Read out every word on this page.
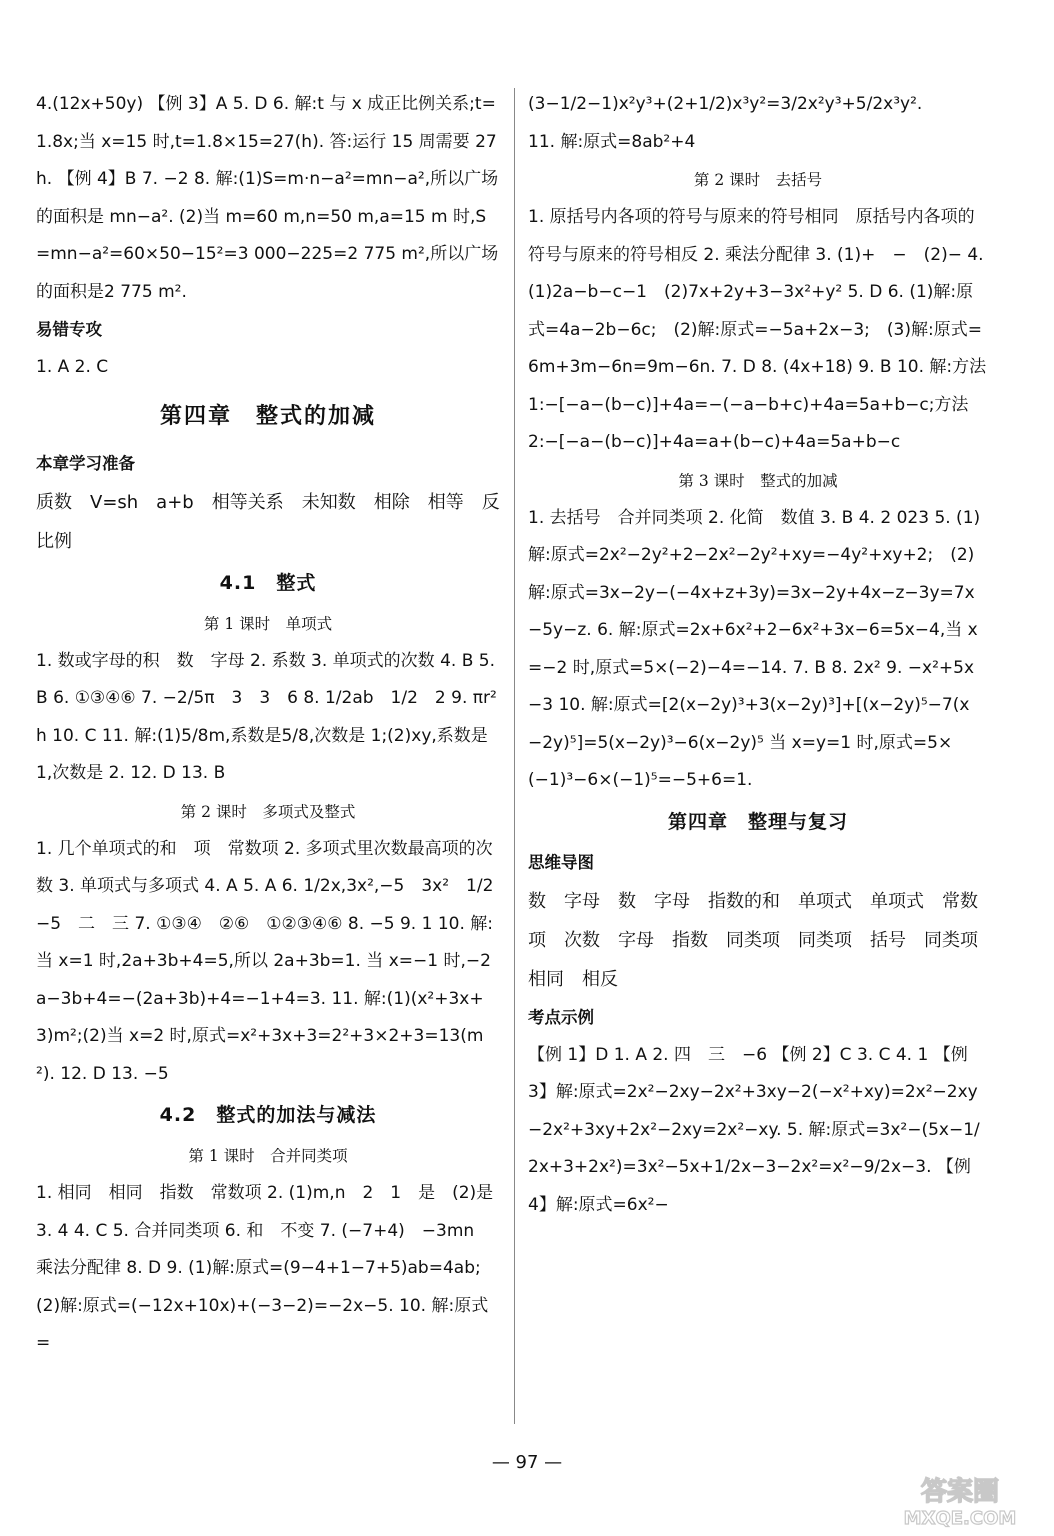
4.(12x+50y) 【例 3】A 5. D 6. 解:t 与 x 成正比例关系;t=1.8x;当 x=15 时,t=1.8×15=27(h). 答:运行 15 周需要 27 h. 【例 4】B 7. −2 8. 解:(1)S=m·n−a²=mn−a²,所以广场的面积是 mn−a². (2)当 m=60 m,n=50 m,a=15 m 时,S=mn−a²=60×50−15²=3 000−225=2 775 m²,所以广场的面积是2 775 m².

易错专攻

1. A 2. C

第四章　整式的加减

本章学习准备

质数　V=sh　a+b　相等关系　未知数　相除　相等　反比例

4.1　整式

第 1 课时　单项式

1. 数或字母的积　数　字母 2. 系数 3. 单项式的次数 4. B 5. B 6. ①③④⑥ 7. −2/5π　3　3　6 8. 1/2ab　1/2　2 9. πr²h 10. C 11. 解:(1)5/8m,系数是5/8,次数是 1;(2)xy,系数是 1,次数是 2. 12. D 13. B

第 2 课时　多项式及整式

1. 几个单项式的和　项　常数项 2. 多项式里次数最高项的次数 3. 单项式与多项式 4. A 5. A 6. 1/2x,3x²,−5　3x²　1/2　−5　二　三 7. ①③④　②⑥　①②③④⑥ 8. −5 9. 1 10. 解:当 x=1 时,2a+3b+4=5,所以 2a+3b=1. 当 x=−1 时,−2a−3b+4=−(2a+3b)+4=−1+4=3. 11. 解:(1)(x²+3x+3)m²;(2)当 x=2 时,原式=x²+3x+3=2²+3×2+3=13(m²). 12. D 13. −5

4.2　整式的加法与减法

第 1 课时　合并同类项

1. 相同　相同　指数　常数项 2. (1)m,n　2　1　是　(2)是 3. 4 4. C 5. 合并同类项 6. 和　不变 7. (−7+4)　−3mn　乘法分配律 8. D 9. (1)解:原式=(9−4+1−7+5)ab=4ab;　(2)解:原式=(−12x+10x)+(−3−2)=−2x−5. 10. 解:原式=

(3−1/2−1)x²y³+(2+1/2)x³y²=3/2x²y³+5/2x³y².

11. 解:原式=8ab²+4

第 2 课时　去括号

1. 原括号内各项的符号与原来的符号相同　原括号内各项的符号与原来的符号相反 2. 乘法分配律 3. (1)+　−　(2)− 4. (1)2a−b−c−1　(2)7x+2y+3−3x²+y² 5. D 6. (1)解:原式=4a−2b−6c;　(2)解:原式=−5a+2x−3;　(3)解:原式=6m+3m−6n=9m−6n. 7. D 8. (4x+18) 9. B 10. 解:方法 1:−[−a−(b−c)]+4a=−(−a−b+c)+4a=5a+b−c;方法 2:−[−a−(b−c)]+4a=a+(b−c)+4a=5a+b−c

第 3 课时　整式的加减

1. 去括号　合并同类项 2. 化简　数值 3. B 4. 2 023 5. (1)解:原式=2x²−2y²+2−2x²−2y²+xy=−4y²+xy+2;　(2)解:原式=3x−2y−(−4x+z+3y)=3x−2y+4x−z−3y=7x−5y−z. 6. 解:原式=2x+6x²+2−6x²+3x−6=5x−4,当 x=−2 时,原式=5×(−2)−4=−14. 7. B 8. 2x² 9. −x²+5x−3 10. 解:原式=[2(x−2y)³+3(x−2y)³]+[(x−2y)⁵−7(x−2y)⁵]=5(x−2y)³−6(x−2y)⁵ 当 x=y=1 时,原式=5×(−1)³−6×(−1)⁵=−5+6=1.

第四章　整理与复习

思维导图

数　字母　数　字母　指数的和　单项式　单项式　常数项　次数　字母　指数　同类项　同类项　括号　同类项　相同　相反

考点示例

【例 1】D 1. A 2. 四　三　−6 【例 2】C 3. C 4. 1 【例 3】解:原式=2x²−2xy−2x²+3xy−2(−x²+xy)=2x²−2xy−2x²+3xy+2x²−2xy=2x²−xy. 5. 解:原式=3x²−(5x−1/2x+3+2x²)=3x²−5x+1/2x−3−2x²=x²−9/2x−3. 【例 4】解:原式=6x²−

— 97 —
答案圈
MXQE.COM
